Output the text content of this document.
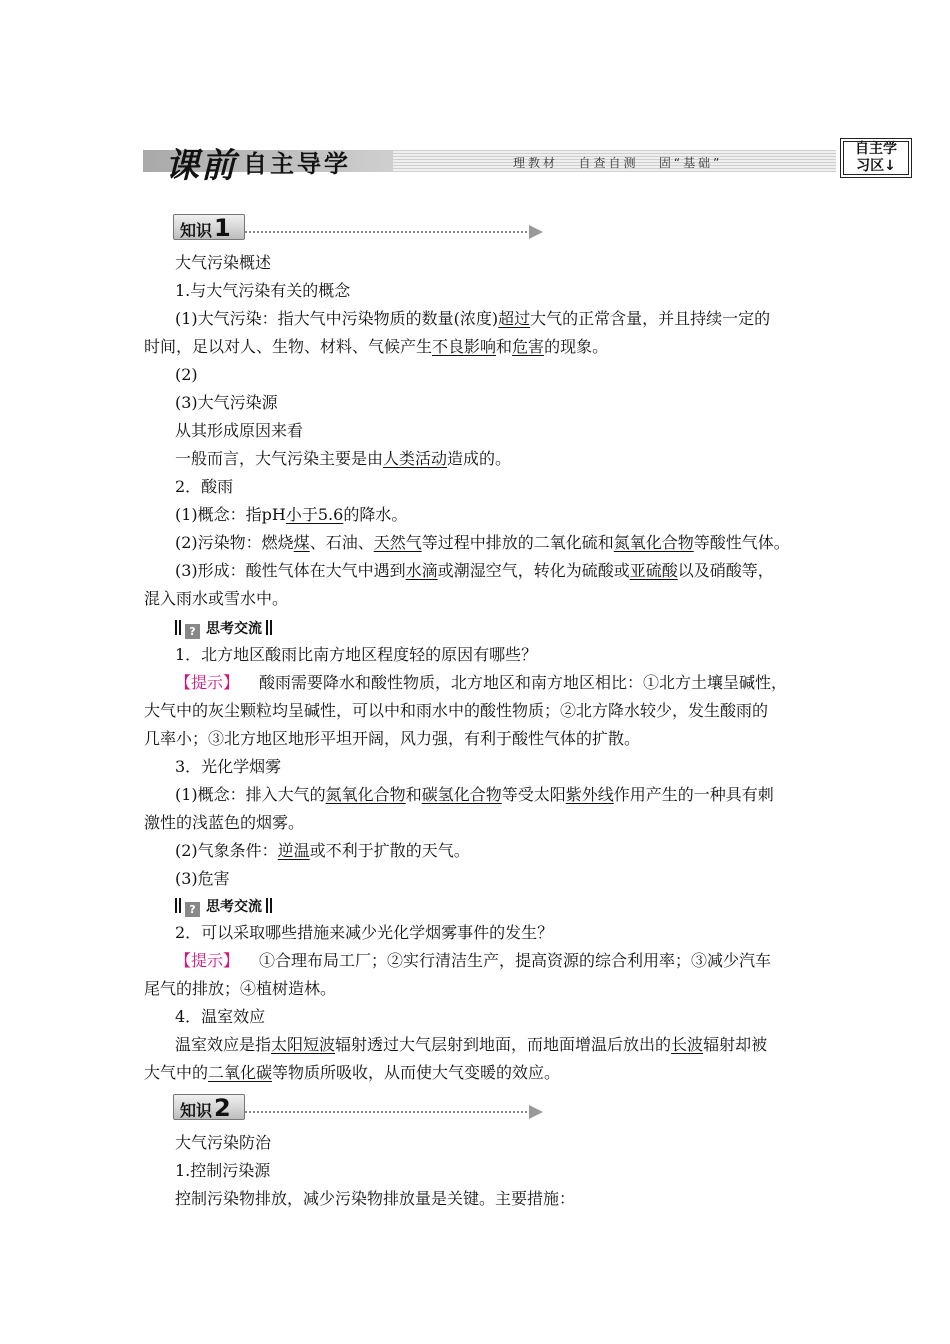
课前 自主导学	理教材   自查自测   固“基础”
自主学
习区↓
知识1
大气污染概述
1.与大气污染有关的概念
(1)大气污染：指大气中污染物质的数量(浓度)超过大气的正常含量，并且持续一定的
时间，足以对人、生物、材料、气候产生不良影响和危害的现象。
(2)
(3)大气污染源
从其形成原因来看
一般而言，大气污染主要是由人类活动造成的。
2．酸雨
(1)概念：指pH小于5.6的降水。
(2)污染物：燃烧煤、石油、天然气等过程中排放的二氧化硫和氮氧化合物等酸性气体。
(3)形成：酸性气体在大气中遇到水滴或潮湿空气，转化为硫酸或亚硫酸以及硝酸等，
混入雨水或雪水中。
? 思考交流
1．北方地区酸雨比南方地区程度轻的原因有哪些？
【提示】 酸雨需要降水和酸性物质，北方地区和南方地区相比：①北方土壤呈碱性，
大气中的灰尘颗粒均呈碱性，可以中和雨水中的酸性物质；②北方降水较少，发生酸雨的
几率小；③北方地区地形平坦开阔，风力强，有利于酸性气体的扩散。
3．光化学烟雾
(1)概念：排入大气的氮氧化合物和碳氢化合物等受太阳紫外线作用产生的一种具有刺
激性的浅蓝色的烟雾。
(2)气象条件：逆温或不利于扩散的天气。
(3)危害
? 思考交流
2．可以采取哪些措施来减少光化学烟雾事件的发生？
【提示】 ①合理布局工厂；②实行清洁生产，提高资源的综合利用率；③减少汽车
尾气的排放；④植树造林。
4．温室效应
温室效应是指太阳短波辐射透过大气层射到地面，而地面增温后放出的长波辐射却被
大气中的二氧化碳等物质所吸收，从而使大气变暖的效应。
知识2
大气污染防治
1.控制污染源
控制污染物排放，减少污染物排放量是关键。主要措施：
